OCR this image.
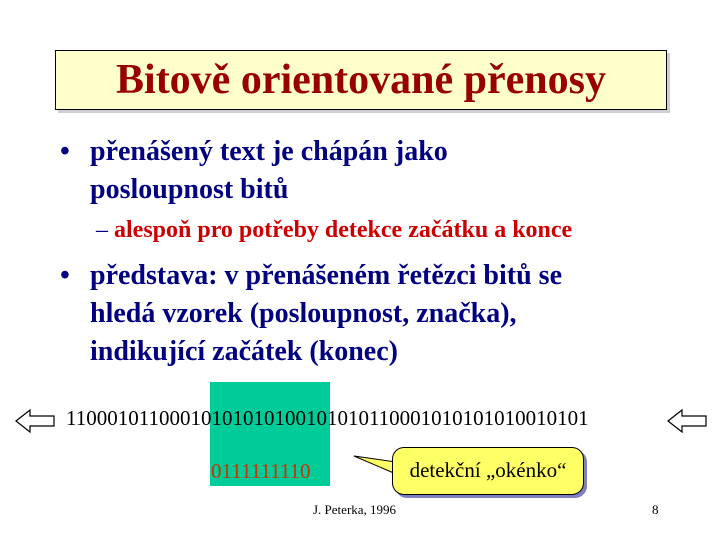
Bitově orientované přenosy
• přenášený text je chápán jako
posloupnost bitů
– alespoň pro potřeby detekce začátku a konce
• představa: v přenášeném řetězci bitů se
hledá vzorek (posloupnost, značka),
indikující začátek (konec)
11000101100010101010100101010110001010101010010101
0111111110	detekční „okénko“
J. Peterka, 1996	8
